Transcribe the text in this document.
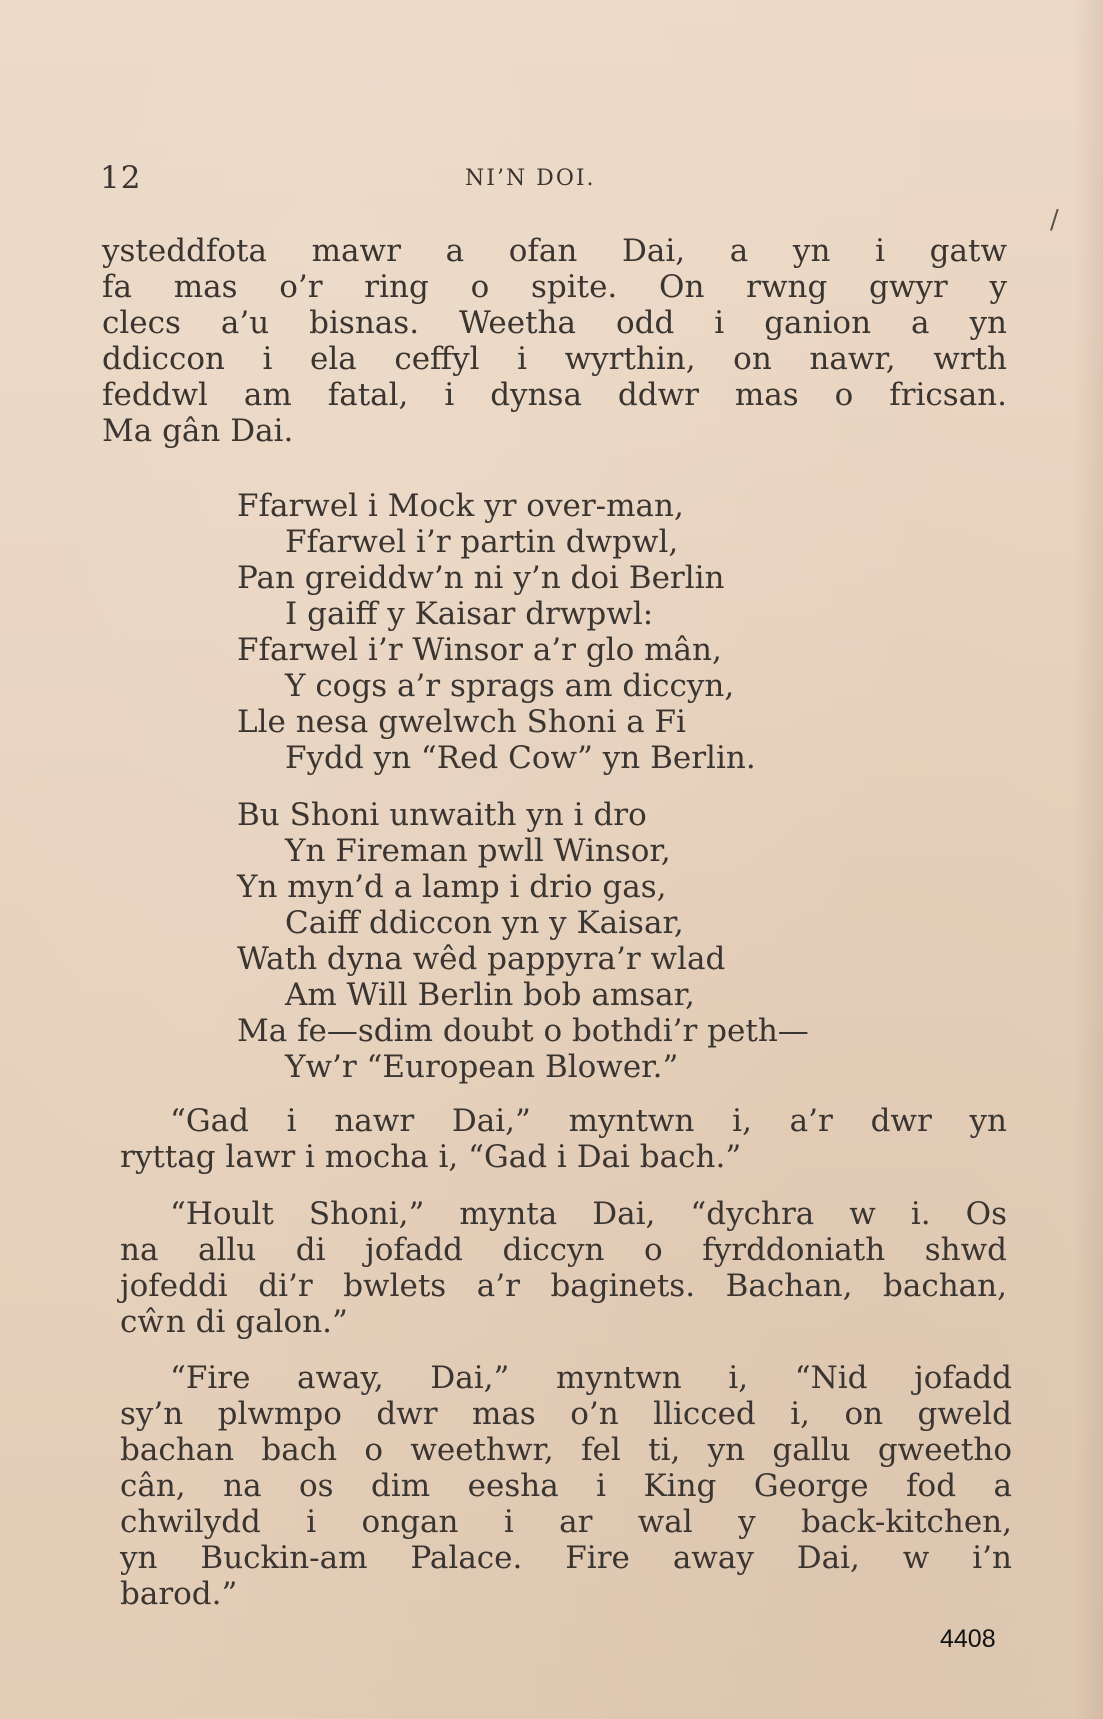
12	NI’N DOI.
/
ysteddfota mawr a ofan Dai, a yn i gatw
fa mas o’r ring o spite. On rwng gwyr y
clecs a’u bisnas. Weetha odd i ganion a yn
ddiccon i ela ceffyl i wyrthin, on nawr, wrth
feddwl am fatal, i dynsa ddwr mas o fricsan.
Ma gân Dai.
Ffarwel i Mock yr over-man,
Ffarwel i’r partin dwpwl,
Pan greiddw’n ni y’n doi Berlin
I gaiff y Kaisar drwpwl:
Ffarwel i’r Winsor a’r glo mân,
Y cogs a’r sprags am diccyn,
Lle nesa gwelwch Shoni a Fi
Fydd yn “Red Cow” yn Berlin.
Bu Shoni unwaith yn i dro
Yn Fireman pwll Winsor,
Yn myn’d a lamp i drio gas,
Caiff ddiccon yn y Kaisar,
Wath dyna wêd pappyra’r wlad
Am Will Berlin bob amsar,
Ma fe—sdim doubt o bothdi’r peth—
Yw’r “European Blower.”
“Gad i nawr Dai,” myntwn i, a’r dwr yn
ryttag lawr i mocha i, “Gad i Dai bach.”
“Hoult Shoni,” mynta Dai, “dychra w i. Os
na allu di jofadd diccyn o fyrddoniath shwd
jofeddi di’r bwlets a’r baginets. Bachan, bachan,
cŵn di galon.”
“Fire away, Dai,” myntwn i, “Nid jofadd
sy’n plwmpo dwr mas o’n llicced i, on gweld
bachan bach o weethwr, fel ti, yn gallu gweetho
cân, na os dim eesha i King George fod a
chwilydd i ongan i ar wal y back-kitchen,
yn Buckin-am Palace. Fire away Dai, w i’n
barod.”
4408
